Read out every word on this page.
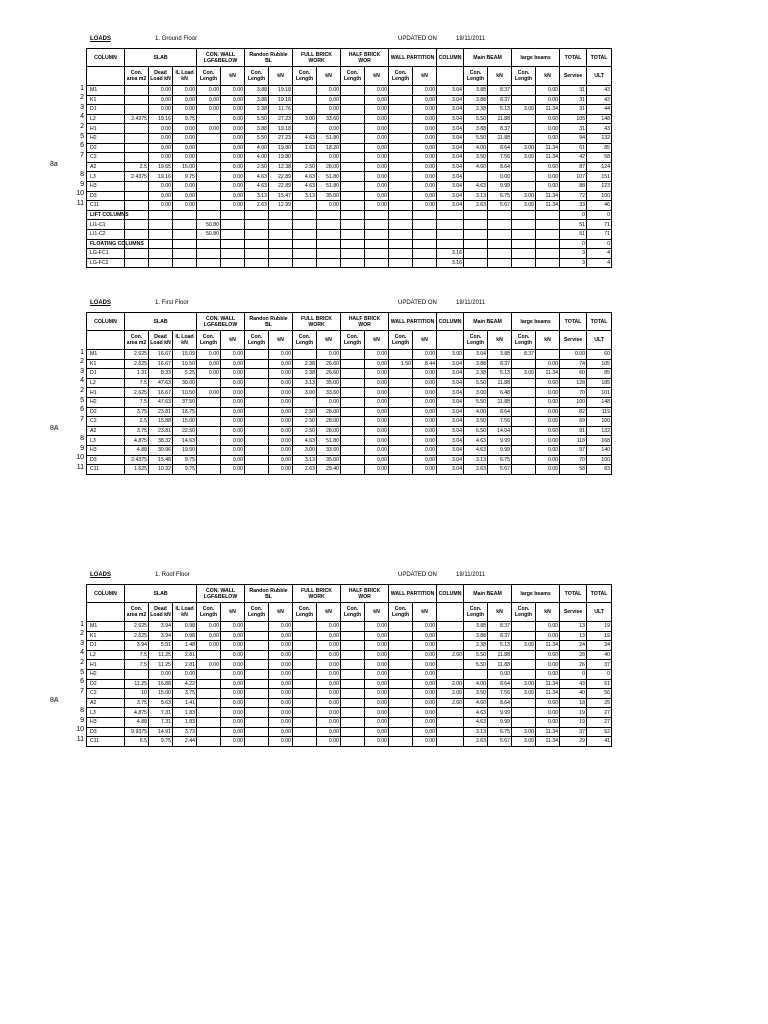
LOADS	1. Ground Floor	UPDATED ON	18/11/2011
COLUMN	SLAB			CON. WALL LGF&BELOW		Randon Rubble BL		FULL BRICK WORK		HALF BRICK WOR		WALL PARTITION		COLUMN	Main BEAM		large beams		TOTAL	TOTAL
	Con. area m2	Dead Load kN	IL Load kN	Con. Length	kN	Con. Length	kN	Con. Length	kN	Con. Length	kN	Con. Length	kN		Con. Length	kN	Con. Length	kN	Servise	ULT
M1		0.00	0.00	0.00	0.00	3.88	19.18		0.00		0.00		0.00	3.04	3.88	8.37		0.00	31	43
K1		0.00	0.00	0.00	0.00	3.88	19.18		0.00		0.00		0.00	3.04	3.88	8.37		0.00	31	43
D1		0.00	0.00	0.00	0.00	2.38	11.76		0.00		0.00		0.00	3.04	2.38	5.13	3.00	11.34	31	44
L2	2.4375	19.16	9.75		0.00	5.50	27.23	3.00	33.60		0.00		0.00	3.04	5.50	11.88		0.00	105	148
H1		0.00	0.00	0.00	0.00	3.88	19.18		0.00		0.00		0.00	3.04	3.88	8.37		0.00	31	43
H2		0.00	0.00		0.00	5.50	27.23	4.63	51.80		0.00		0.00	3.04	5.50	11.88		0.00	94	132
D2		0.00	0.00		0.00	4.00	19.80	1.63	18.20		0.00		0.00	3.04	4.00	8.64	3.00	11.34	61	85
C2		0.00	0.00		0.00	4.00	19.80		0.00		0.00		0.00	3.04	3.50	7.56	3.00	11.34	42	58
A2	2.5	19.65	15.00		0.00	2.50	12.38	2.50	28.00		0.00		0.00	3.04	4.00	8.64		0.00	87	124
L3	2.4375	19.16	9.75		0.00	4.63	22.89	4.63	51.80		0.00		0.00	3.04		0.00		0.00	107	151
H3		0.00	0.00		0.00	4.63	22.89	4.63	51.80		0.00		0.00	3.04	4.63	9.99		0.00	88	123
D3		0.00	0.00		0.00	3.13	15.47	3.13	35.00		0.00		0.00	3.04	3.13	6.75	3.00	11.34	72	100
C11		0.00	0.00		0.00	2.63	12.99		0.00		0.00		0.00	3.04	2.63	5.67	3.00	11.34	33	46
LIFT COLUMNS																			0	0
LI1-C1				50.80															51	71
LI1-C2				50.80															51	71
FLOATING COLUMNS																			0	0
LG-FC1														3.16					3	4
LG-FC2														3.16					3	4
1
2
3
4
2
5
6
7
8
9
10
11
8a
LOADS	1. First Floor	UPDATED ON	18/11/2011
COLUMN	SLAB			CON. WALL LGF&BELOW		Randon Rubble BL		FULL BRICK WORK		HALF BRICK WOR		WALL PARTITION		COLUMN	Main BEAM		large beams		TOTAL	TOTAL
	Con. area m2	Dead Load kN	IL Load kN	Con. Length	kN	Con. Length	kN	Con. Length	kN	Con. Length	kN	Con. Length	kN		Con. Length	kN	Con. Length	kN	Servise	ULT
M1	2.625	16.67	15.09	0.00	0.00		0.00		0.00		0.00		0.00	3.00	3.04	3.88	8.37		0.00	60
K1	2.625	16.67	10.50	0.00	0.00		0.00	2.38	26.60		0.00	1.50	8.44	3.04	3.88	8.37		0.00	74	105
D1	1.31	8.33	5.25	0.00	0.00		0.00	2.38	26.60		0.00		0.00	3.04	2.38	5.13	3.00	11.34	60	85
L2	7.5	47.63	30.00		0.00		0.00	3.13	35.00		0.00		0.00	3.04	5.50	11.88		0.00	128	185
H1	2.625	16.67	10.50	0.00	0.00		0.00	3.00	33.60		0.00		0.00	3.04	3.00	6.48		0.00	70	101
H2	7.5	47.63	37.50		0.00		0.00		0.00		0.00		0.00	3.04	5.50	11.88		0.00	100	148
D2	3.75	23.81	18.75		0.00		0.00	2.50	28.00		0.00		0.00	3.04	4.00	8.64		0.00	82	119
C2	2.5	15.88	15.00		0.00		0.00	2.50	28.00		0.00		0.00	3.04	3.50	7.56		0.00	69	100
A2	3.75	23.81	22.50		0.00		0.00	2.50	28.00		0.00		0.00	3.04	6.50	14.04		0.00	91	132
L3	4.875	38.32	14.63		0.00		0.00	4.63	51.80		0.00		0.00	3.04	4.63	9.99		0.00	118	168
H3	4.88	30.96	19.50		0.00		0.00	3.00	33.60		0.00		0.00	3.04	4.63	9.99		0.00	97	140
D3	2.4375	15.48	9.75		0.00		0.00	3.13	35.00		0.00		0.00	3.04	3.13	6.75		0.00	70	100
C11	1.625	10.32	9.75		0.00		0.00	2.63	29.40		0.00		0.00	3.04	2.63	5.67		0.00	58	83
1
2
3
4
2
5
6
7
8
9
10
11
8A
LOADS	1. Roof Floor	UPDATED ON	18/11/2011
COLUMN	SLAB			CON. WALL LGF&BELOW		Randon Rubble BL		FULL BRICK WORK		HALF BRICK WOR		WALL PARTITION		COLUMN	Main BEAM		large beams		TOTAL	TOTAL
	Con. area m2	Dead Load kN	IL Load kN	Con. Length	kN	Con. Length	kN	Con. Length	kN	Con. Length	kN	Con. Length	kN		Con. Length	kN	Con. Length	kN	Servise	ULT
M1	2.625	3.94	0.98	0.00	0.00		0.00		0.00		0.00		0.00		3.88	8.37		0.00	13	19
K1	2.625	3.94	0.98	0.00	0.00		0.00		0.00		0.00		0.00		3.88	8.37		0.00	13	19
D1	3.94	5.91	1.48	0.00	0.00		0.00		0.00		0.00		0.00		2.38	5.13	3.00	11.34	24	34
L2	7.5	11.25	2.81		0.00		0.00		0.00		0.00		0.00	2.00	5.50	11.88		0.00	28	40
H1	7.5	11.25	2.81	0.00	0.00		0.00		0.00		0.00		0.00		5.50	11.88		0.00	26	37
H2		0.00	0.00		0.00		0.00		0.00		0.00		0.00			0.00		0.00	0	0
D2	11.25	16.88	4.22		0.00		0.00		0.00		0.00		0.00	2.00	4.00	8.64	3.00	11.34	43	61
C2	10	15.00	3.75		0.00		0.00		0.00		0.00		0.00	2.00	3.50	7.56	3.00	11.34	40	56
A2	3.75	5.63	1.41		0.00		0.00		0.00		0.00		0.00	2.00	4.00	8.64		0.00	18	25
L3	4.875	7.31	1.83		0.00		0.00		0.00		0.00		0.00		4.63	9.99		0.00	19	27
H3	4.88	7.31	1.83		0.00		0.00		0.00		0.00		0.00		4.63	9.99		0.00	19	27
D3	9.9375	14.91	3.73		0.00		0.00		0.00		0.00		0.00		3.13	6.75	3.00	11.34	37	52
C11	6.5	9.75	2.44		0.00		0.00		0.00		0.00		0.00		2.63	5.67	3.00	11.34	29	41
1
2
3
4
2
5
6
7
8
9
10
11
8A
